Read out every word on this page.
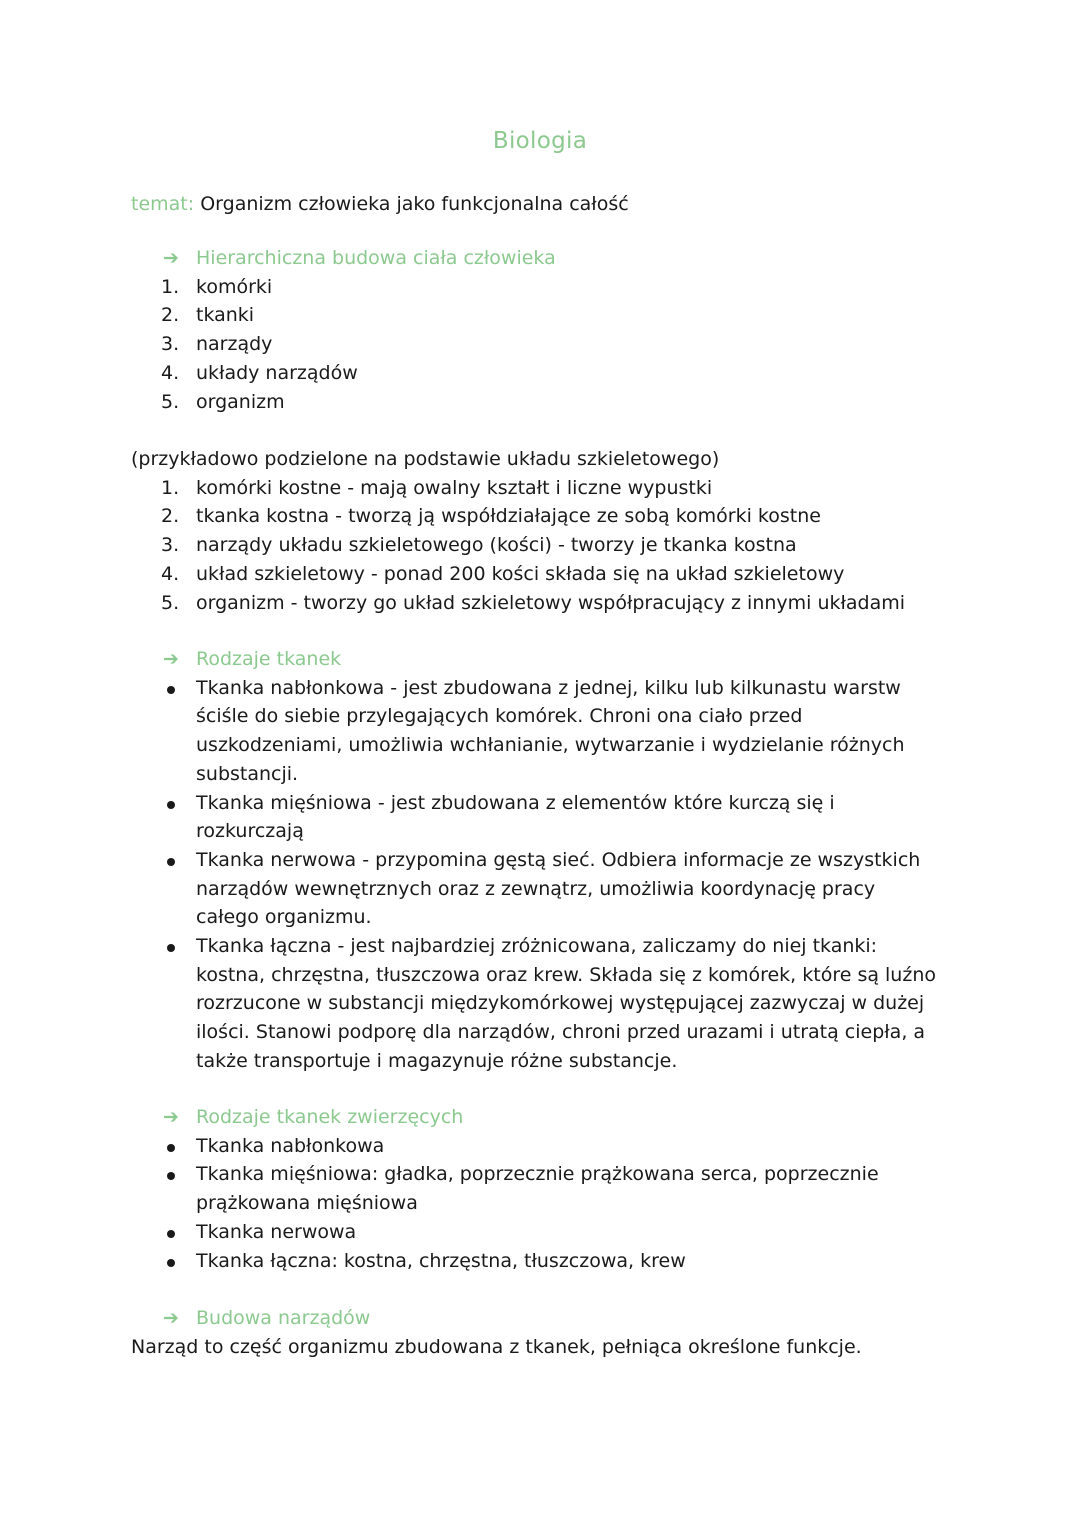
Biologia
temat: Organizm człowieka jako funkcjonalna całość
➔ Hierarchiczna budowa ciała człowieka
1. komórki
2. tkanki
3. narządy
4. układy narządów
5. organizm
(przykładowo podzielone na podstawie układu szkieletowego)
1. komórki kostne - mają owalny kształt i liczne wypustki
2. tkanka kostna - tworzą ją współdziałające ze sobą komórki kostne
3. narządy układu szkieletowego (kości) - tworzy je tkanka kostna
4. układ szkieletowy - ponad 200 kości składa się na układ szkieletowy
5. organizm - tworzy go układ szkieletowy współpracujący z innymi układami
➔ Rodzaje tkanek
Tkanka nabłonkowa - jest zbudowana z jednej, kilku lub kilkunastu warstw
ściśle do siebie przylegających komórek. Chroni ona ciało przed
uszkodzeniami, umożliwia wchłanianie, wytwarzanie i wydzielanie różnych
substancji.
Tkanka mięśniowa - jest zbudowana z elementów które kurczą się i
rozkurczają
Tkanka nerwowa - przypomina gęstą sieć. Odbiera informacje ze wszystkich
narządów wewnętrznych oraz z zewnątrz, umożliwia koordynację pracy
całego organizmu.
Tkanka łączna - jest najbardziej zróżnicowana, zaliczamy do niej tkanki:
kostna, chrzęstna, tłuszczowa oraz krew. Składa się z komórek, które są luźno
rozrzucone w substancji międzykomórkowej występującej zazwyczaj w dużej
ilości. Stanowi podporę dla narządów, chroni przed urazami i utratą ciepła, a
także transportuje i magazynuje różne substancje.
➔ Rodzaje tkanek zwierzęcych
Tkanka nabłonkowa
Tkanka mięśniowa: gładka, poprzecznie prążkowana serca, poprzecznie
prążkowana mięśniowa
Tkanka nerwowa
Tkanka łączna: kostna, chrzęstna, tłuszczowa, krew
➔ Budowa narządów
Narząd to część organizmu zbudowana z tkanek, pełniąca określone funkcje.
